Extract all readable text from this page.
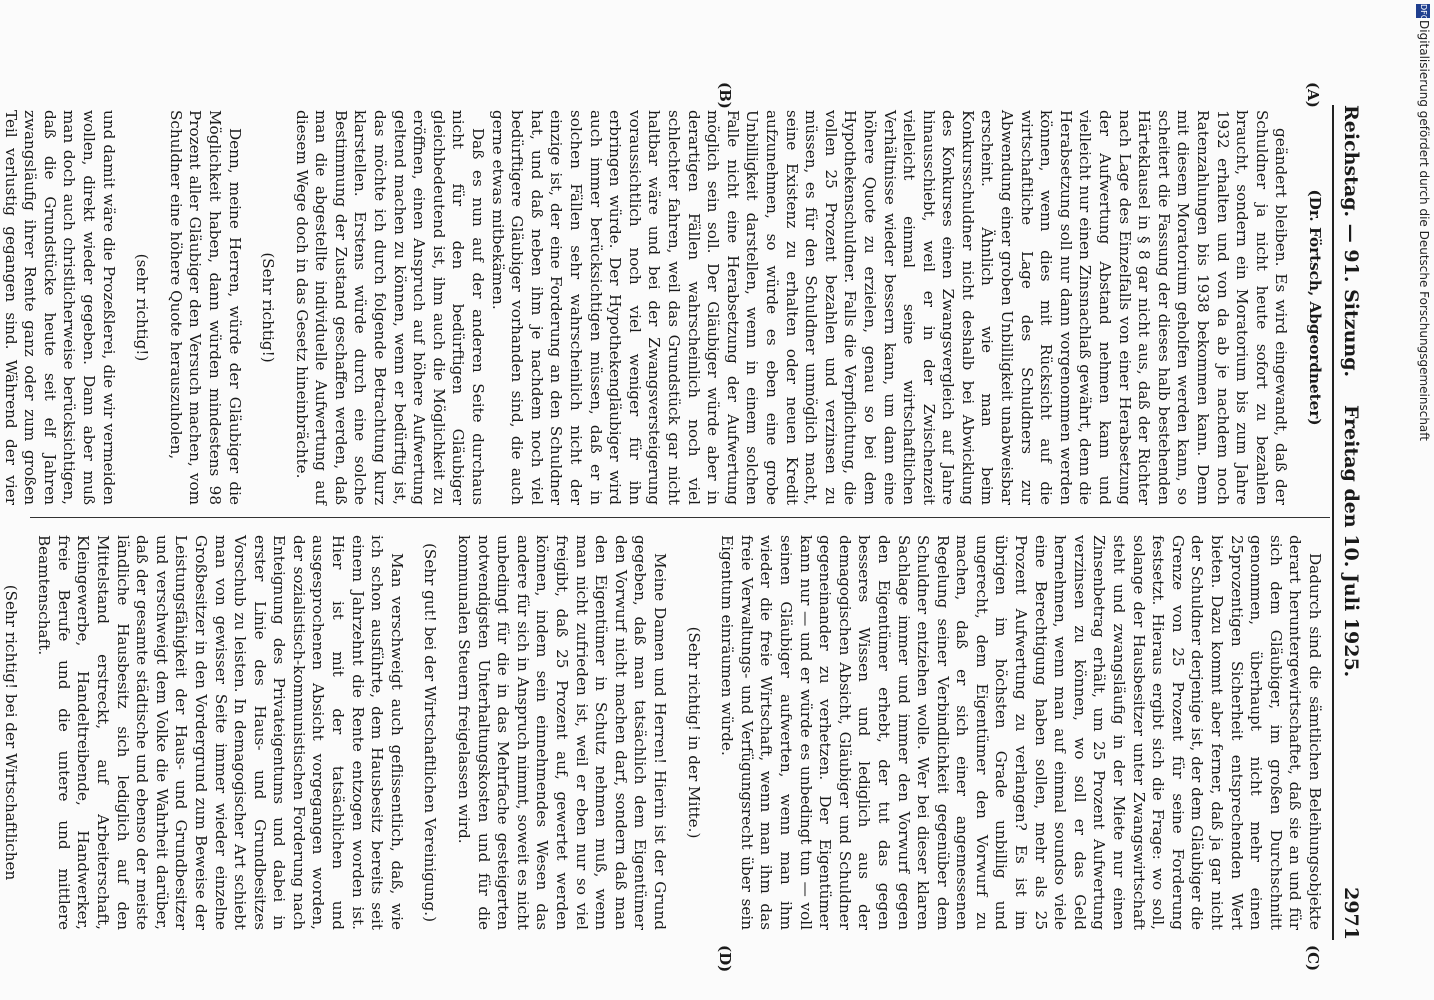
DFG
Digitalisierung gefördert durch die Deutsche Forschungsgemeinschaft
Reichstag. — 91. Sitzung.
Freitag den 10. Juli 1925.
2971
(A)
(B)
(C)
(D)

(Dr. Förtsch, Abgeordneter)

geändert bleiben. Es wird eingewandt, daß der Schuldner ja nicht heute sofort zu bezahlen braucht, sondern ein Moratorium bis zum Jahre 1932 erhalten und von da ab je nachdem noch Ratenzahlungen bis 1938 bekommen kann. Denn mit diesem Moratorium geholfen werden kann, so scheitert die Fassung der dieses halb bestehenden Härteklausel in § 8 gar nicht aus, daß der Richter nach Lage des Einzelfalls von einer Herabsetzung der Aufwertung Abstand nehmen kann und vielleicht nur einen Zinsnachlaß gewährt, denn die Herabsetzung soll nur dann vorgenommen werden können, wenn dies mit Rücksicht auf die wirtschaftliche Lage des Schuldners zur Abwendung einer groben Unbilligkeit unabweisbar erscheint. Ähnlich wie man beim Konkursschuldner nicht deshalb bei Abwicklung des Konkurses einen Zwangsvergleich auf Jahre hinausschiebt, weil er in der Zwischenzeit vielleicht einmal seine wirtschaftlichen Verhältnisse wieder bessern kann, um dann eine höhere Quote zu erzielen, genau so bei dem Hypothekenschuldner. Falls die Verpflichtung, die vollen 25 Prozent bezahlen und verzinsen zu müssen, es für den Schuldner unmöglich macht, seine Existenz zu erhalten oder neuen Kredit aufzunehmen, so würde es eben eine grobe Unbilligkeit darstellen, wenn in einem solchen Falle nicht eine Herabsetzung der Aufwertung möglich sein soll. Der Gläubiger würde aber in derartigen Fällen wahrscheinlich noch viel schlechter fahren, weil das Grundstück gar nicht haltbar wäre und bei der Zwangsversteigerung voraussichtlich noch viel weniger für ihn erbringen würde. Der Hypothekengläubiger wird auch immer berücksichtigen müssen, daß er in solchen Fällen sehr wahrscheinlich nicht der einzige ist, der eine Forderung an den Schuldner hat, und daß neben ihm je nachdem noch viel bedürftigere Gläubiger vorhanden sind, die auch gerne etwas mitbekämen.

Daß es nun auf der anderen Seite durchaus nicht für den bedürftigen Gläubiger gleichbedeutend ist, ihm auch die Möglichkeit zu eröffnen, einen Anspruch auf höhere Aufwertung geltend machen zu können, wenn er bedürftig ist, das möchte ich durch folgende Betrachtung kurz klarstellen. Erstens würde durch eine solche Bestimmung der Zustand geschaffen werden, daß man die abgestellte individuelle Aufwertung auf diesem Wege doch in das Gesetz hineinbrächte.

(Sehr richtig!)

Denn, meine Herren, würde der Gläubiger die Möglichkeit haben, dann würden mindestens 98 Prozent aller Gläubiger den Versuch machen, vom Schuldner eine höhere Quote herauszuholen,

(sehr richtig!)

und damit wäre die Prozeßlerei, die wir vermeiden wollen, direkt wieder gegeben. Dann aber muß man doch auch christlicherweise berücksichtigen, daß die Grundstücke heute seit elf Jahren zwangsläufig ihrer Rente ganz oder zum großen Teil verlustig gegangen sind. Während der vier

Dadurch sind die sämtlichen Beleihungsobjekte derart heruntergewirtschaftet, daß sie an und für sich dem Gläubiger, im großen Durchschnitt genommen, überhaupt nicht mehr einen 25prozentigen Sicherheit entsprechenden Wert bieten. Dazu kommt aber ferner, daß ja gar nicht der Schuldner derjenige ist, der dem Gläubiger die Grenze von 25 Prozent für seine Forderung festsetzt. Hieraus ergibt sich die Frage: wo soll, solange der Hausbesitzer unter Zwangswirtschaft steht und zwangsläufig in der Miete nur einen Zinsenbetrag erhält, um 25 Prozent Aufwertung verzinsen zu können, wo soll er das Geld hernehmen, wenn man auf einmal soundso viele eine Berechtigung haben sollen, mehr als 25 Prozent Aufwertung zu verlangen? Es ist im übrigen im höchsten Grade unbillig und ungerecht, dem Eigentümer den Vorwurf zu machen, daß er sich einer angemessenen Regelung seiner Verbindlichkeit gegenüber dem Schuldner entziehen wolle. Wer bei dieser klaren Sachlage immer und immer den Vorwurf gegen den Eigentümer erhebt, der tut das gegen besseres Wissen und lediglich aus der demagogischen Absicht, Gläubiger und Schuldner gegeneinander zu verhetzen. Der Eigentümer kann nur — und er würde es unbedingt tun — voll seinen Gläubiger aufwerten, wenn man ihm wieder die freie Wirtschaft, wenn man ihm das freie Verwaltungs- und Verfügungsrecht über sein Eigentum einräumen würde.

(Sehr richtig! in der Mitte.)

Meine Damen und Herren! Hierin ist der Grund gegeben, daß man tatsächlich dem Eigentümer den Vorwurf nicht machen darf, sondern daß man den Eigentümer in Schutz nehmen muß, wenn man nicht zufrieden ist, weil er eben nur so viel freigibt, daß 25 Prozent auf, gewertet werden können, indem sein einnehmendes Wesen das andere für sich in Anspruch nimmt, soweit es nicht unbedingt für die in das Mehrfache gesteigerten notwendigsten Unterhaltungskosten und für die kommunalen Steuern freigelassen wird.

(Sehr gut! bei der Wirtschaftlichen Vereinigung.)

Man verschweigt auch geflissentlich, daß, wie ich schon ausführte, dem Hausbesitz bereits seit einem Jahrzehnt die Rente entzogen worden ist. Hier ist mit der tatsächlichen und ausgesprochenen Absicht vorgegangen worden, der sozialistisch-kommunistischen Forderung nach Enteignung des Privateigentums und dabei in erster Linie des Haus- und Grundbesitzes Vorschub zu leisten. In demagogischer Art schiebt man von gewisser Seite immer wieder einzelne Großbesitzer in den Vordergrund zum Beweise der Leistungsfähigkeit der Haus- und Grundbesitzer und verschweigt dem Volke die Wahrheit darüber, daß der gesamte städtische und ebenso der meiste ländliche Hausbesitz sich lediglich auf den Mittelstand erstreckt, auf Arbeiterschaft, Kleingewerbe, Handeltreibende, Handwerker, freie Berufe und die untere und mittlere Beamtenschaft.

(Sehr richtig! bei der Wirtschaftlichen
